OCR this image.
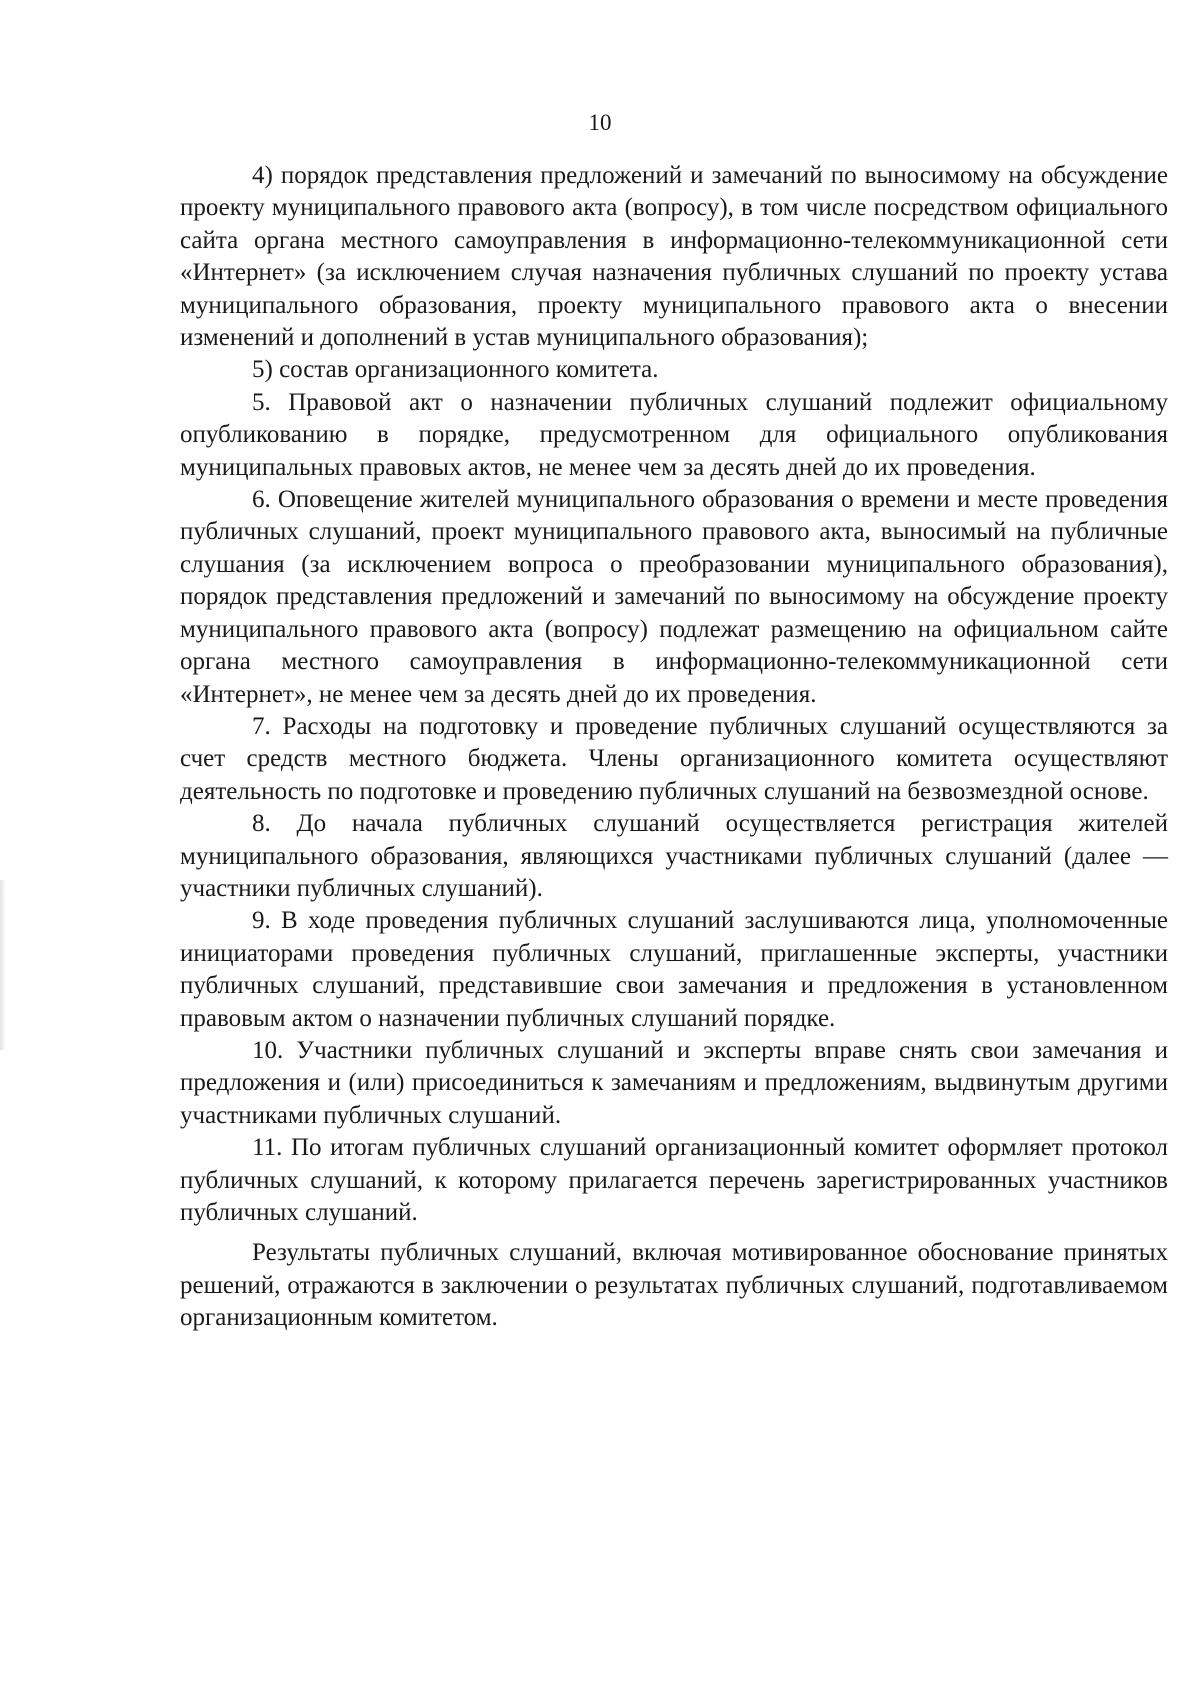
10

4) порядок представления предложений и замечаний по выносимому на обсуждение проекту муниципального правового акта (вопросу), в том числе посредством официального сайта органа местного самоуправления в информационно-телекоммуникационной сети «Интернет» (за исключением случая назначения публичных слушаний по проекту устава муниципального образования, проекту муниципального правового акта о внесении изменений и дополнений в устав муниципального образования);

5) состав организационного комитета.

5. Правовой акт о назначении публичных слушаний подлежит официальному опубликованию в порядке, предусмотренном для официального опубликования муниципальных правовых актов, не менее чем за десять дней до их проведения.

6. Оповещение жителей муниципального образования о времени и месте проведения публичных слушаний, проект муниципального правового акта, выносимый на публичные слушания (за исключением вопроса о преобразовании муниципального образования), порядок представления предложений и замечаний по выносимому на обсуждение проекту муниципального правового акта (вопросу) подлежат размещению на официальном сайте органа местного самоуправления в информационно-телекоммуникационной сети «Интернет», не менее чем за десять дней до их проведения.

7. Расходы на подготовку и проведение публичных слушаний осуществляются за счет средств местного бюджета. Члены организационного комитета осуществляют деятельность по подготовке и проведению публичных слушаний на безвозмездной основе.

8. До начала публичных слушаний осуществляется регистрация жителей муниципального образования, являющихся участниками публичных слушаний (далее — участники публичных слушаний).

9. В ходе проведения публичных слушаний заслушиваются лица, уполномоченные инициаторами проведения публичных слушаний, приглашенные эксперты, участники публичных слушаний, представившие свои замечания и предложения в установленном правовым актом о назначении публичных слушаний порядке.

10. Участники публичных слушаний и эксперты вправе снять свои замечания и предложения и (или) присоединиться к замечаниям и предложениям, выдвинутым другими участниками публичных слушаний.

11. По итогам публичных слушаний организационный комитет оформляет протокол публичных слушаний, к которому прилагается перечень зарегистрированных участников публичных слушаний.

Результаты публичных слушаний, включая мотивированное обоснование принятых решений, отражаются в заключении о результатах публичных слушаний, подготавливаемом организационным комитетом.
